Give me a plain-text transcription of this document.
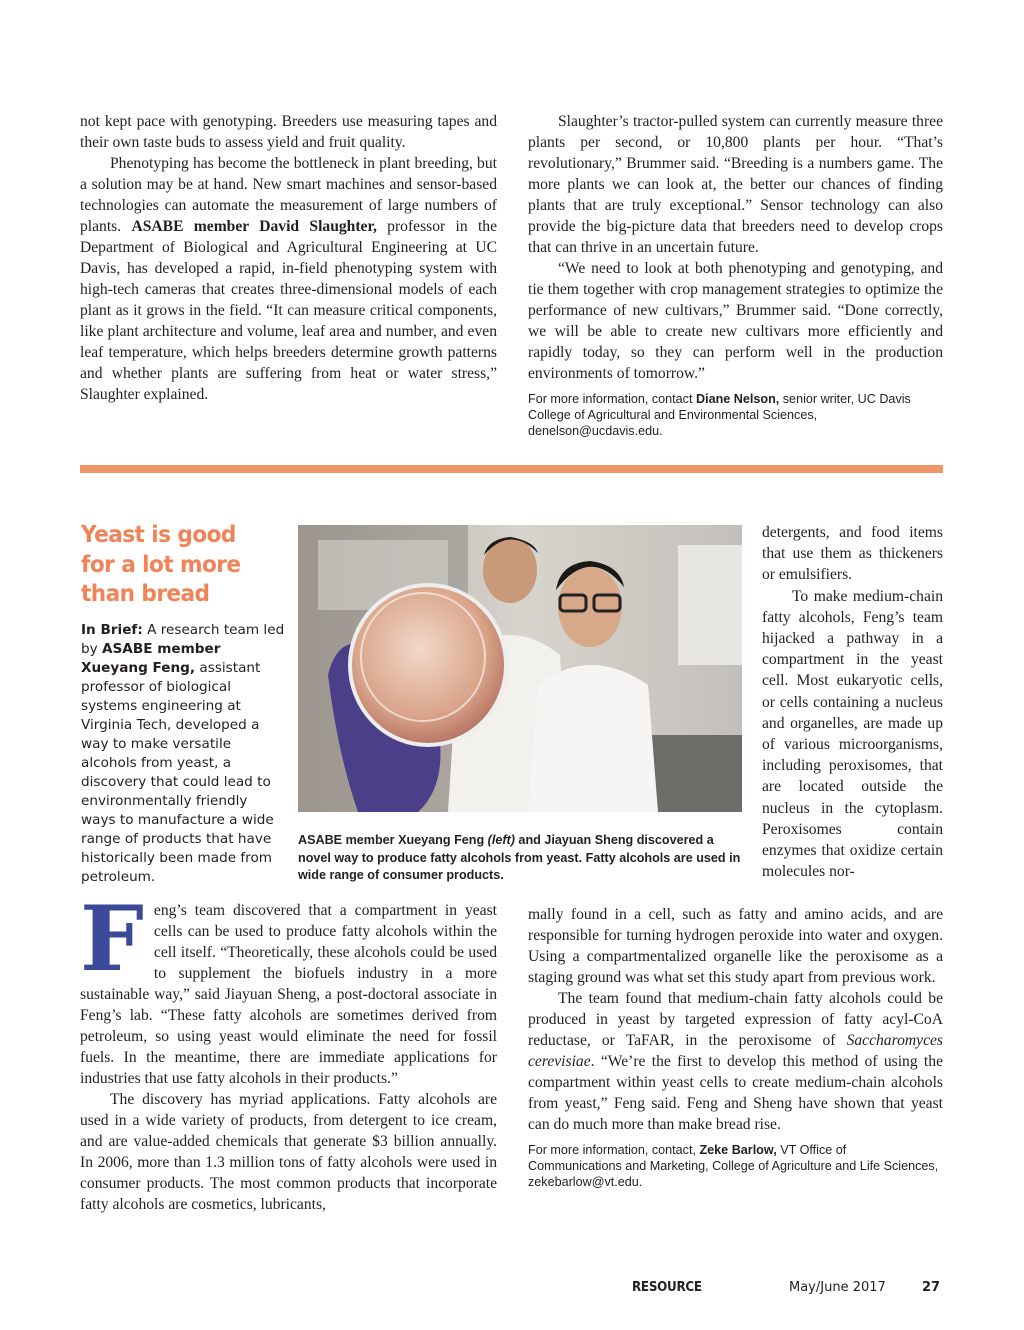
not kept pace with genotyping. Breeders use measuring tapes and their own taste buds to assess yield and fruit quality.

Phenotyping has become the bottleneck in plant breeding, but a solution may be at hand. New smart machines and sensor-based technologies can automate the measurement of large numbers of plants. ASABE member David Slaughter, professor in the Department of Biological and Agricultural Engineering at UC Davis, has developed a rapid, in-field phenotyping system with high-tech cameras that creates three-dimensional models of each plant as it grows in the field. “It can measure critical components, like plant architecture and volume, leaf area and number, and even leaf temperature, which helps breeders determine growth patterns and whether plants are suffering from heat or water stress,” Slaughter explained.

Slaughter’s tractor-pulled system can currently measure three plants per second, or 10,800 plants per hour. “That’s revolutionary,” Brummer said. “Breeding is a numbers game. The more plants we can look at, the better our chances of finding plants that are truly exceptional.” Sensor technology can also provide the big-picture data that breeders need to develop crops that can thrive in an uncertain future.

“We need to look at both phenotyping and genotyping, and tie them together with crop management strategies to optimize the performance of new cultivars,” Brummer said. “Done correctly, we will be able to create new cultivars more efficiently and rapidly today, so they can perform well in the production environments of tomorrow.”

For more information, contact Diane Nelson, senior writer, UC Davis College of Agricultural and Environmental Sciences, denelson@ucdavis.edu.

Yeast is good for a lot more than bread
In Brief: A research team led by ASABE member Xueyang Feng, assistant professor of biological systems engineering at Virginia Tech, developed a way to make versatile alcohols from yeast, a discovery that could lead to environmentally friendly ways to manufacture a wide range of products that have historically been made from petroleum.
ASABE member Xueyang Feng (left) and Jiayuan Sheng discovered a novel way to produce fatty alcohols from yeast. Fatty alcohols are used in wide range of consumer products.

detergents, and food items that use them as thickeners or emulsifiers.

To make medium-chain fatty alcohols, Feng’s team hijacked a pathway in a compartment in the yeast cell. Most eukaryotic cells, or cells containing a nucleus and organelles, are made up of various microorganisms, including peroxisomes, that are located outside the nucleus in the cytoplasm. Peroxisomes contain enzymes that oxidize certain molecules nor-

Feng’s team discovered that a compartment in yeast cells can be used to produce fatty alcohols within the cell itself. “Theoretically, these alcohols could be used to supplement the biofuels industry in a more sustainable way,” said Jiayuan Sheng, a post-doctoral associate in Feng’s lab. “These fatty alcohols are sometimes derived from petroleum, so using yeast would eliminate the need for fossil fuels. In the meantime, there are immediate applications for industries that use fatty alcohols in their products.”

The discovery has myriad applications. Fatty alcohols are used in a wide variety of products, from detergent to ice cream, and are value-added chemicals that generate $3 billion annually. In 2006, more than 1.3 million tons of fatty alcohols were used in consumer products. The most common products that incorporate fatty alcohols are cosmetics, lubricants,

mally found in a cell, such as fatty and amino acids, and are responsible for turning hydrogen peroxide into water and oxygen. Using a compartmentalized organelle like the peroxisome as a staging ground was what set this study apart from previous work.

The team found that medium-chain fatty alcohols could be produced in yeast by targeted expression of fatty acyl-CoA reductase, or TaFAR, in the peroxisome of Saccharomyces cerevisiae. “We’re the first to develop this method of using the compartment within yeast cells to create medium-chain alcohols from yeast,” Feng said. Feng and Sheng have shown that yeast can do much more than make bread rise.

For more information, contact, Zeke Barlow, VT Office of Communications and Marketing, College of Agriculture and Life Sciences, zekebarlow@vt.edu.

RESOURCE	May/June 2017	27
